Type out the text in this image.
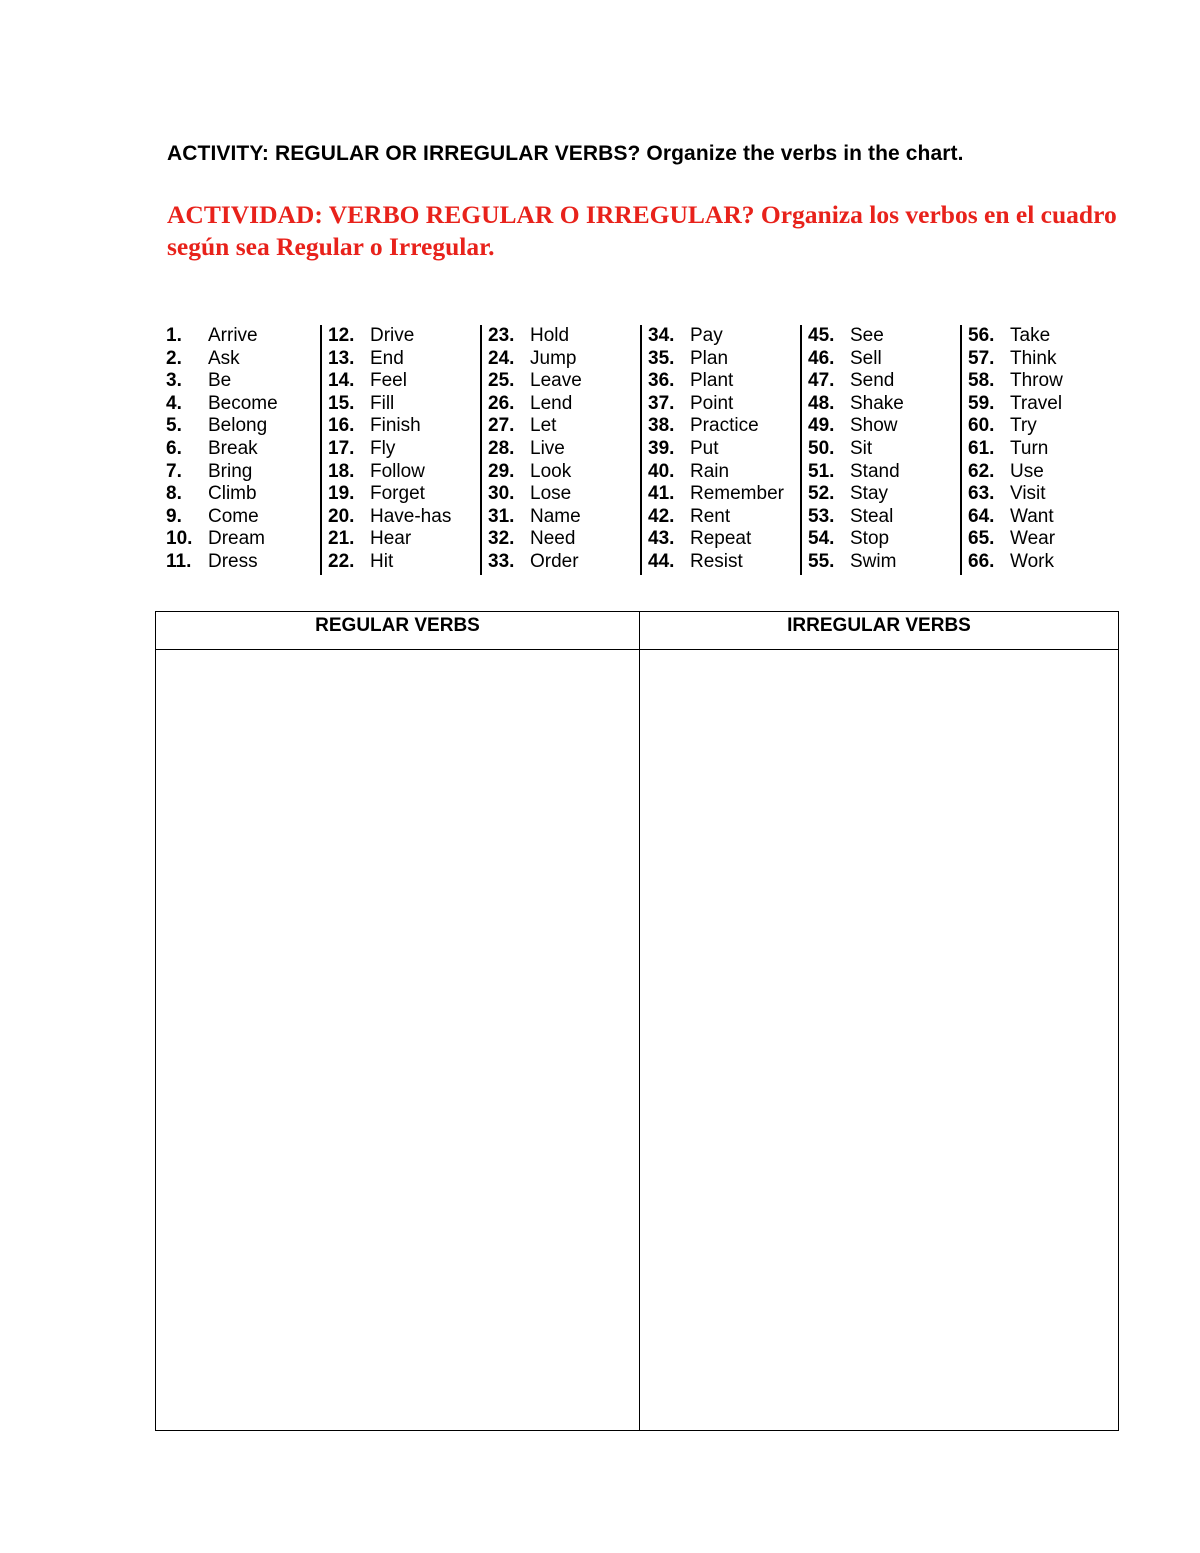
ACTIVITY: REGULAR OR IRREGULAR VERBS? Organize the verbs in the chart.
ACTIVIDAD: VERBO REGULAR O IRREGULAR? Organiza los verbos en el cuadro según sea Regular o Irregular.
1. Arrive
2. Ask
3. Be
4. Become
5. Belong
6. Break
7. Bring
8. Climb
9. Come
10. Dream
11. Dress
12. Drive
13. End
14. Feel
15. Fill
16. Finish
17. Fly
18. Follow
19. Forget
20. Have-has
21. Hear
22. Hit
23. Hold
24. Jump
25. Leave
26. Lend
27. Let
28. Live
29. Look
30. Lose
31. Name
32. Need
33. Order
34. Pay
35. Plan
36. Plant
37. Point
38. Practice
39. Put
40. Rain
41. Remember
42. Rent
43. Repeat
44. Resist
45. See
46. Sell
47. Send
48. Shake
49. Show
50. Sit
51. Stand
52. Stay
53. Steal
54. Stop
55. Swim
56. Take
57. Think
58. Throw
59. Travel
60. Try
61. Turn
62. Use
63. Visit
64. Want
65. Wear
66. Work
REGULAR VERBS	IRREGULAR VERBS
